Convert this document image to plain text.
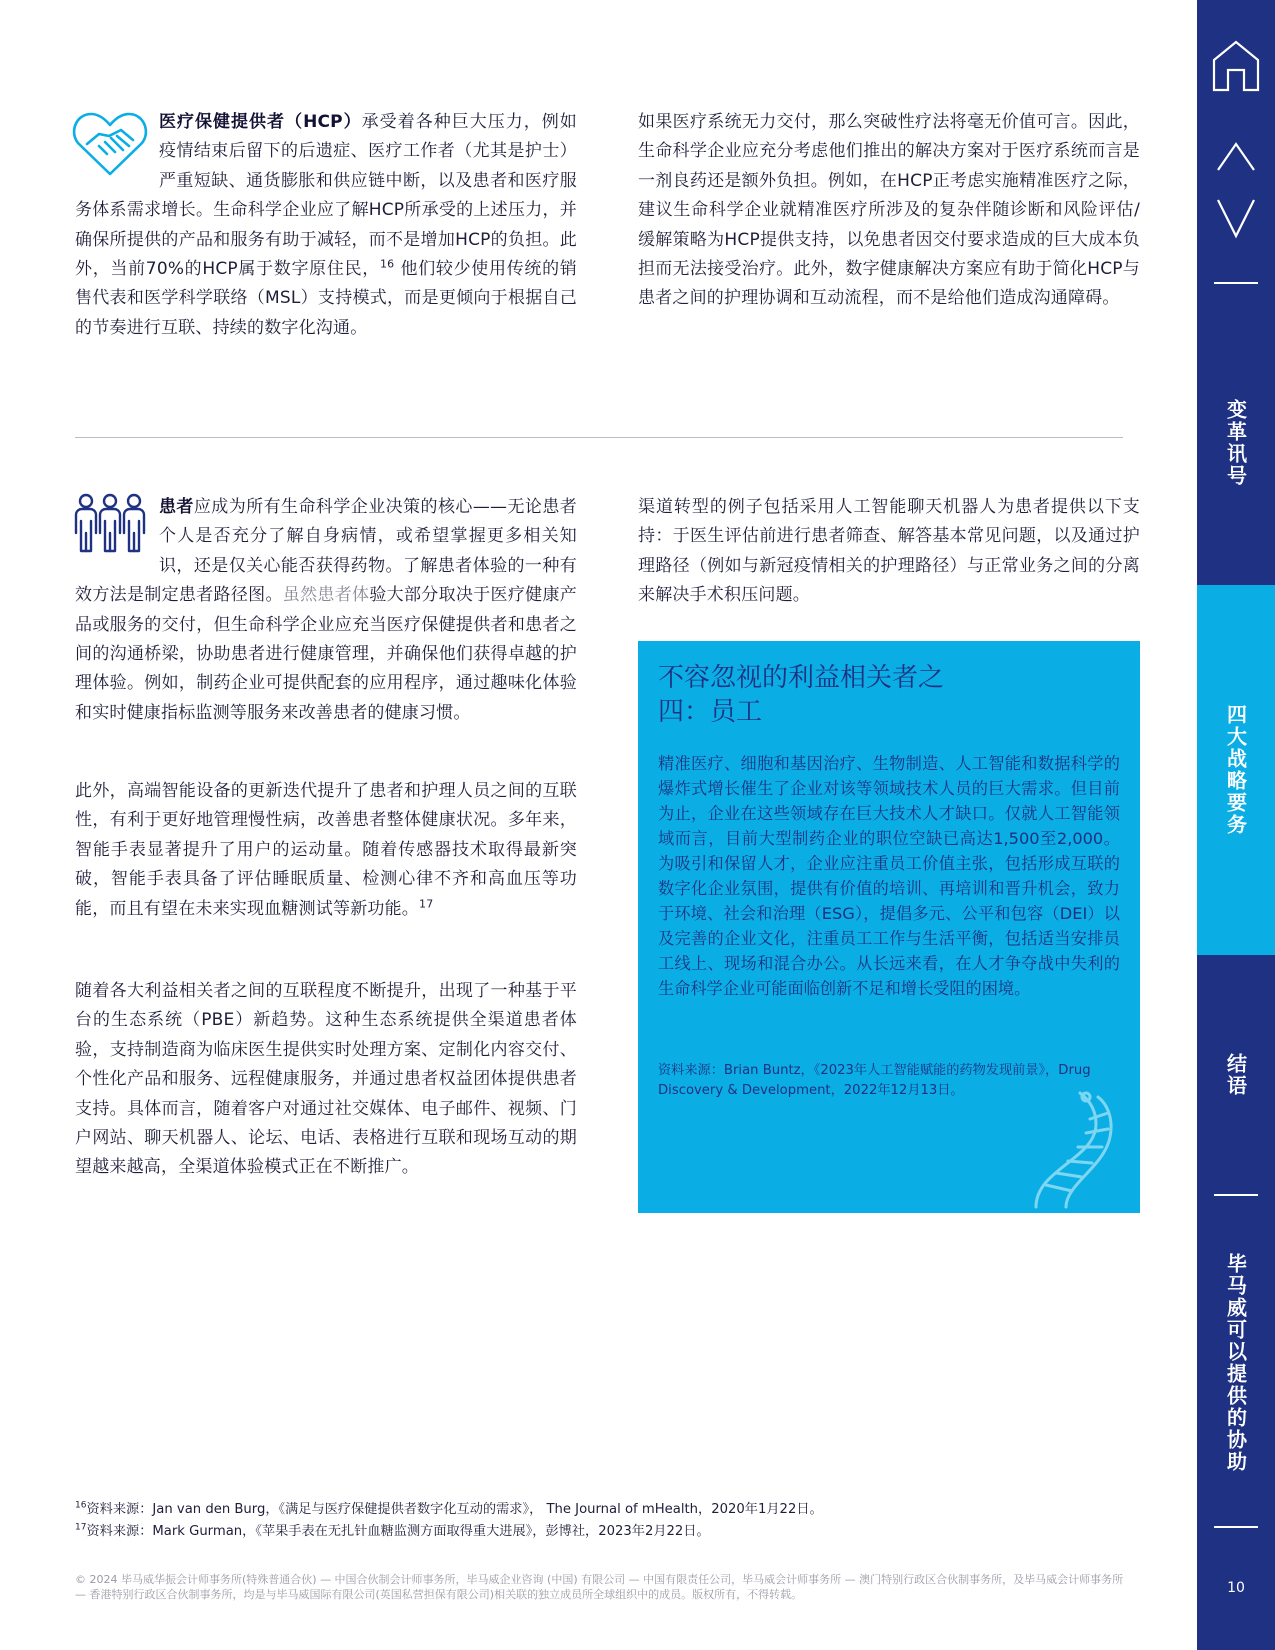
医疗保健提供者（HCP）承受着各种巨大压力，例如疫情结束后留下的后遗症、医疗工作者（尤其是护士）严重短缺、通货膨胀和供应链中断，以及患者和医疗服务体系需求增长。生命科学企业应了解HCP所承受的上述压力，并确保所提供的产品和服务有助于减轻，而不是增加HCP的负担。此外，当前70%的HCP属于数字原住民，$^{16}$ 他们较少使用传统的销售代表和医学科学联络（MSL）支持模式，而是更倾向于根据自己的节奏进行互联、持续的数字化沟通。

如果医疗系统无力交付，那么突破性疗法将毫无价值可言。因此，生命科学企业应充分考虑他们推出的解决方案对于医疗系统而言是一剂良药还是额外负担。例如，在HCP正考虑实施精准医疗之际，建议生命科学企业就精准医疗所涉及的复杂伴随诊断和风险评估/缓解策略为HCP提供支持，以免患者因交付要求造成的巨大成本负担而无法接受治疗。此外，数字健康解决方案应有助于简化HCP与患者之间的护理协调和互动流程，而不是给他们造成沟通障碍。

患者应成为所有生命科学企业决策的核心——无论患者个人是否充分了解自身病情，或希望掌握更多相关知识，还是仅关心能否获得药物。了解患者体验的一种有效方法是制定患者路径图。虽然患者体验大部分取决于医疗健康产品或服务的交付，但生命科学企业应充当医疗保健提供者和患者之间的沟通桥梁，协助患者进行健康管理，并确保他们获得卓越的护理体验。例如，制药企业可提供配套的应用程序，通过趣味化体验和实时健康指标监测等服务来改善患者的健康习惯。
此外，高端智能设备的更新迭代提升了患者和护理人员之间的互联性，有利于更好地管理慢性病，改善患者整体健康状况。多年来，智能手表显著提升了用户的运动量。随着传感器技术取得最新突破，智能手表具备了评估睡眠质量、检测心律不齐和高血压等功能，而且有望在未来实现血糖测试等新功能。$^{17}$

随着各大利益相关者之间的互联程度不断提升，出现了一种基于平台的生态系统（PBE）新趋势。这种生态系统提供全渠道患者体验，支持制造商为临床医生提供实时处理方案、定制化内容交付、个性化产品和服务、远程健康服务，并通过患者权益团体提供患者支持。具体而言，随着客户对通过社交媒体、电子邮件、视频、门户网站、聊天机器人、论坛、电话、表格进行互联和现场互动的期望越来越高，全渠道体验模式正在不断推广。

渠道转型的例子包括采用人工智能聊天机器人为患者提供以下支持：于医生评估前进行患者筛查、解答基本常见问题，以及通过护理路径（例如与新冠疫情相关的护理路径）与正常业务之间的分离来解决手术积压问题。

不容忽视的利益相关者之四：员工

精准医疗、细胞和基因治疗、生物制造、人工智能和数据科学的爆炸式增长催生了企业对该等领域技术人员的巨大需求。但目前为止，企业在这些领域存在巨大技术人才缺口。仅就人工智能领域而言，目前大型制药企业的职位空缺已高达1,500至2,000。为吸引和保留人才，企业应注重员工价值主张，包括形成互联的数字化企业氛围，提供有价值的培训、再培训和晋升机会，致力于环境、社会和治理（ESG），提倡多元、公平和包容（DEI）以及完善的企业文化，注重员工工作与生活平衡，包括适当安排员工线上、现场和混合办公。从长远来看，在人才争夺战中失利的生命科学企业可能面临创新不足和增长受阻的困境。

资料来源：Brian Buntz，《2023年人工智能赋能的药物发现前景》，Drug Discovery & Development，2022年12月13日。

$^{16}$资料来源：Jan van den Burg，《满足与医疗保健提供者数字化互动的需求》， The Journal of mHealth，2020年1月22日。

$^{17}$资料来源：Mark Gurman，《苹果手表在无扎针血糖监测方面取得重大进展》，彭博社，2023年2月22日。

© 2024 毕马威华振会计师事务所(特殊普通合伙) — 中国合伙制会计师事务所，毕马威企业咨询 (中国) 有限公司 — 中国有限责任公司，毕马威会计师事务所 — 澳门特别行政区合伙制事务所，及毕马威会计师事务所 — 香港特别行政区合伙制事务所，均是与毕马威国际有限公司(英国私营担保有限公司)相关联的独立成员所全球组织中的成员。版权所有，不得转载。

变革讯号
四大战略要务
结语
毕马威可以提供的协助
10
